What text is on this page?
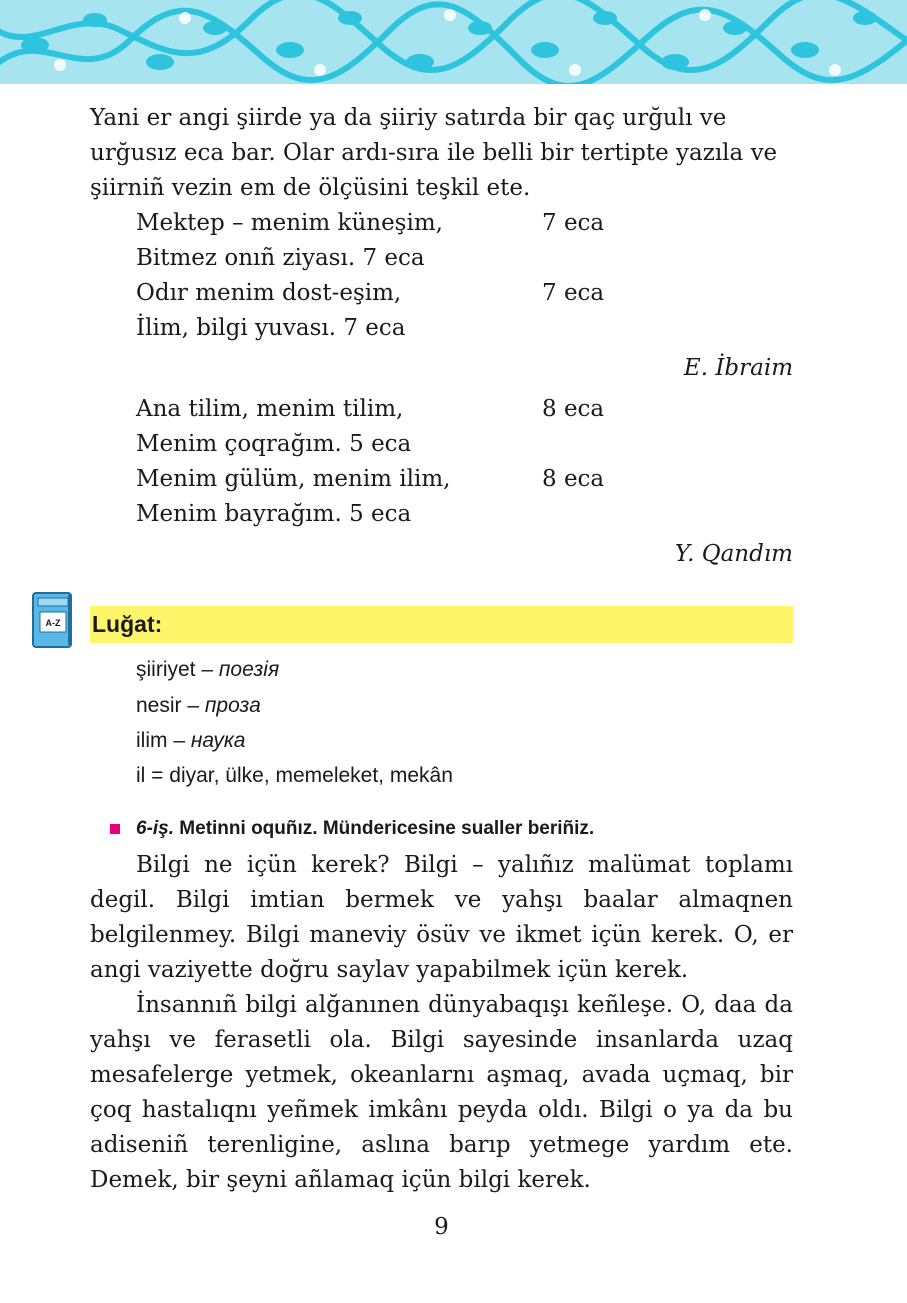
Yani er angi şiirde ya da şiiriy satırda bir qaç urğulı ve

urğusız eca bar. Olar ardı-sıra ile belli bir tertipte yazıla ve

şiirniñ vezin em de ölçüsini teşkil ete.

Mektep – menim küneşim,	7 eca
Bitmez onıñ ziyası. 7 eca
Odır menim dost-eşim,	7 eca
İlim, bilgi yuvası. 7 eca
E. İbraim
Ana tilim, menim tilim,	8 eca
Menim çoqrağım. 5 eca
Menim gülüm, menim ilim,	8 eca
Menim bayrağım. 5 eca
Y. Qandım
A-Z Luğat:
şiiriyet – поезія
nesir – проза
ilim – наука
il = diyar, ülke, memeleket, mekân
6-iş. Metinni oquñız. Mündericesine sualler beriñiz.

Bilgi ne içün kerek? Bilgi – yalıñız malümat toplamı degil. Bilgi imtian bermek ve yahşı baalar almaqnen belgilenmey. Bilgi maneviy ösüv ve ikmet içün kerek. O, er angi vaziyette doğru saylav yapabilmek içün kerek.

İnsannıñ bilgi alğanınen dünyabaqışı keñleşe. O, daa da yahşı ve ferasetli ola. Bilgi sayesinde insanlarda uzaq mesafelerge yetmek, okeanlarnı aşmaq, avada uçmaq, bir çoq hastalıqnı yeñmek imkânı peyda oldı. Bilgi o ya da bu adiseniñ terenligine, aslına barıp yetmege yardım ete. Demek, bir şeyni añlamaq içün bilgi kerek.

9
